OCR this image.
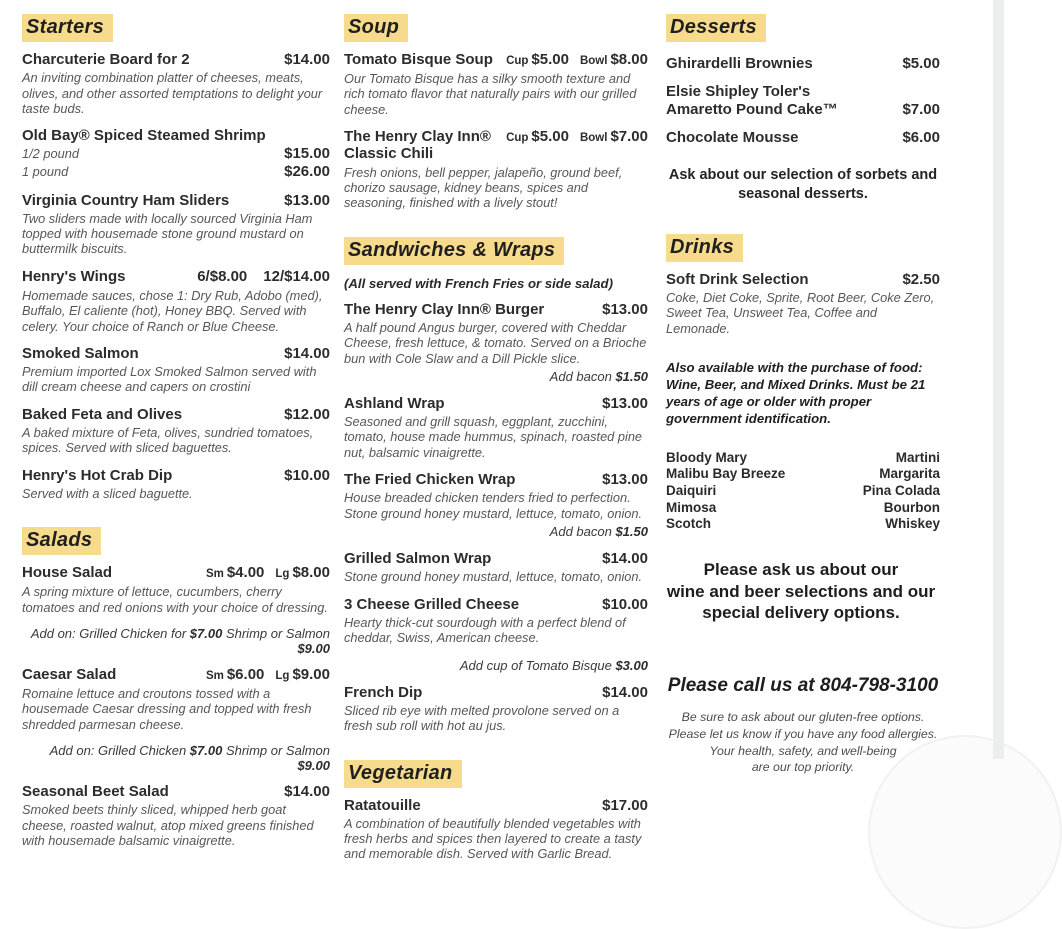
Starters
Charcuterie Board for 2	$14.00
An inviting combination platter of cheeses, meats, olives, and other assorted temptations to delight your taste buds.
Old Bay® Spiced Steamed Shrimp
1/2 pound	$15.00
1 pound	$26.00
Virginia Country Ham Sliders	$13.00
Two sliders made with locally sourced Virginia Ham topped with housemade stone ground mustard on buttermilk biscuits.
Henry's Wings	6/$8.00 12/$14.00
Homemade sauces, chose 1: Dry Rub, Adobo (med), Buffalo, El caliente (hot), Honey BBQ. Served with celery. Your choice of Ranch or Blue Cheese.
Smoked Salmon	$14.00
Premium imported Lox Smoked Salmon served with dill cream cheese and capers on crostini
Baked Feta and Olives	$12.00
A baked mixture of Feta, olives, sundried tomatoes, spices. Served with sliced baguettes.
Henry's Hot Crab Dip	$10.00
Served with a sliced baguette.
Salads
House Salad	Sm $4.00 Lg $8.00
A spring mixture of lettuce, cucumbers, cherry tomatoes and red onions with your choice of dressing.
Add on: Grilled Chicken for $7.00 Shrimp or Salmon $9.00
Caesar Salad	Sm $6.00 Lg $9.00
Romaine lettuce and croutons tossed with a housemade Caesar dressing and topped with fresh shredded parmesan cheese.
Add on: Grilled Chicken $7.00 Shrimp or Salmon $9.00
Seasonal Beet Salad	$14.00
Smoked beets thinly sliced, whipped herb goat cheese, roasted walnut, atop mixed greens finished with housemade balsamic vinaigrette.
Soup
Tomato Bisque Soup Cup $5.00 Bowl $8.00
Our Tomato Bisque has a silky smooth texture and rich tomato flavor that naturally pairs with our grilled cheese.
The Henry Clay Inn®
Classic Chili
Cup $5.00 Bowl $7.00
Fresh onions, bell pepper, jalapeño, ground beef, chorizo sausage, kidney beans, spices and seasoning, finished with a lively stout!
Sandwiches & Wraps
(All served with French Fries or side salad)
The Henry Clay Inn® Burger	$13.00
A half pound Angus burger, covered with Cheddar Cheese, fresh lettuce, & tomato. Served on a Brioche bun with Cole Slaw and a Dill Pickle slice.
Add bacon $1.50
Ashland Wrap	$13.00
Seasoned and grill squash, eggplant, zucchini, tomato, house made hummus, spinach, roasted pine nut, balsamic vinaigrette.
The Fried Chicken Wrap	$13.00
House breaded chicken tenders fried to perfection. Stone ground honey mustard, lettuce, tomato, onion.
Add bacon $1.50
Grilled Salmon Wrap	$14.00
Stone ground honey mustard, lettuce, tomato, onion.
3 Cheese Grilled Cheese	$10.00
Hearty thick-cut sourdough with a perfect blend of cheddar, Swiss, American cheese.
Add cup of Tomato Bisque $3.00
French Dip	$14.00
Sliced rib eye with melted provolone served on a fresh sub roll with hot au jus.
Vegetarian
Ratatouille	$17.00
A combination of beautifully blended vegetables with fresh herbs and spices then layered to create a tasty and memorable dish. Served with Garlic Bread.
Desserts
Ghirardelli Brownies	$5.00
Elsie Shipley Toler's
Amaretto Pound Cake™	$7.00
Chocolate Mousse	$6.00
Ask about our selection of sorbets and
seasonal desserts.
Drinks
Soft Drink Selection	$2.50
Coke, Diet Coke, Sprite, Root Beer, Coke Zero, Sweet Tea, Unsweet Tea, Coffee and Lemonade.
Also available with the purchase of food: Wine, Beer, and Mixed Drinks. Must be 21 years of age or older with proper government identification.
Bloody Mary
Malibu Bay Breeze
Daiquiri
Mimosa
Scotch
Martini
Margarita
Pina Colada
Bourbon
Whiskey
Please ask us about our
wine and beer selections and our
special delivery options.
Please call us at 804-798-3100
Be sure to ask about our gluten-free options.
Please let us know if you have any food allergies.
Your health, safety, and well-being
are our top priority.
